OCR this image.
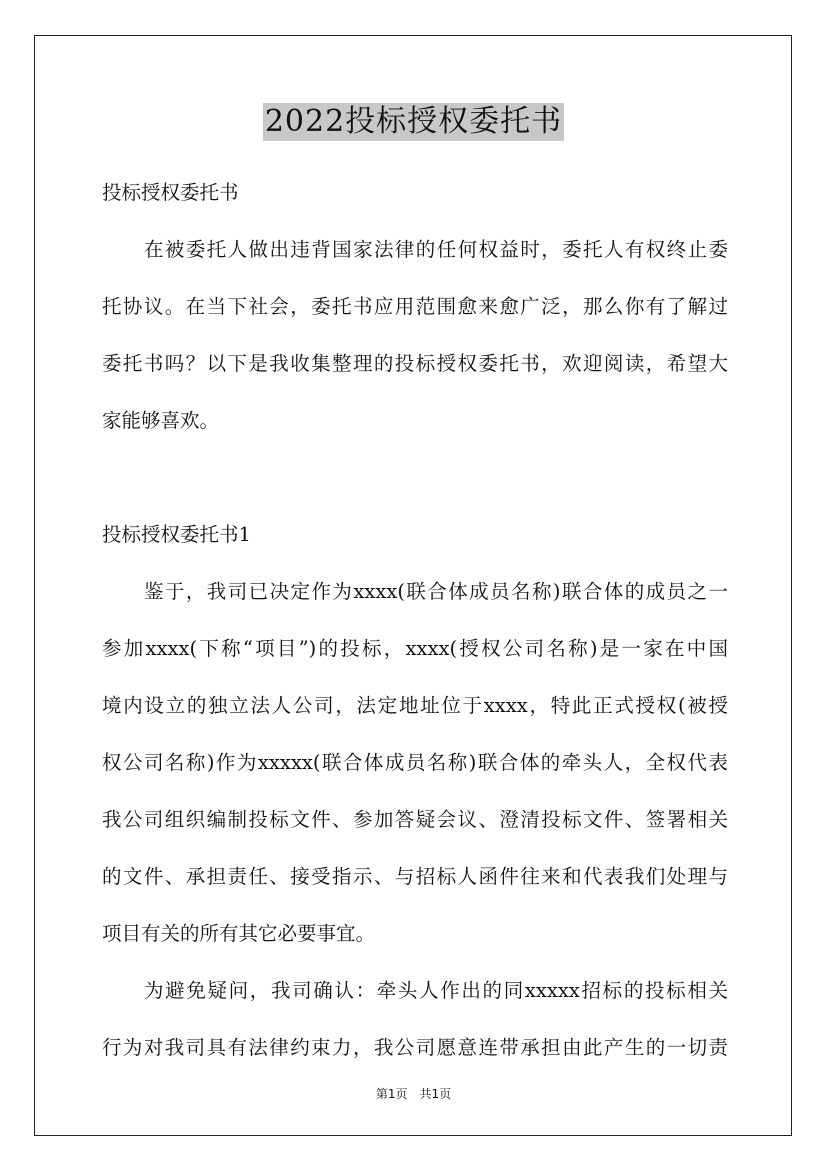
2022投标授权委托书
投标授权委托书
在被委托人做出违背国家法律的任何权益时，委托人有权终止委
托协议。在当下社会，委托书应用范围愈来愈广泛，那么你有了解过
委托书吗？以下是我收集整理的投标授权委托书，欢迎阅读，希望大
家能够喜欢。
投标授权委托书1
鉴于，我司已决定作为xxxx(联合体成员名称)联合体的成员之一
参加xxxx(下称“项目”)的投标，xxxx(授权公司名称)是一家在中国
境内设立的独立法人公司，法定地址位于xxxx，特此正式授权(被授
权公司名称)作为xxxxx(联合体成员名称)联合体的牵头人，全权代表
我公司组织编制投标文件、参加答疑会议、澄清投标文件、签署相关
的文件、承担责任、接受指示、与招标人函件往来和代表我们处理与
项目有关的所有其它必要事宜。
为避免疑问，我司确认：牵头人作出的同xxxxx招标的投标相关
行为对我司具有法律约束力，我公司愿意连带承担由此产生的一切责
第1页 共1页
